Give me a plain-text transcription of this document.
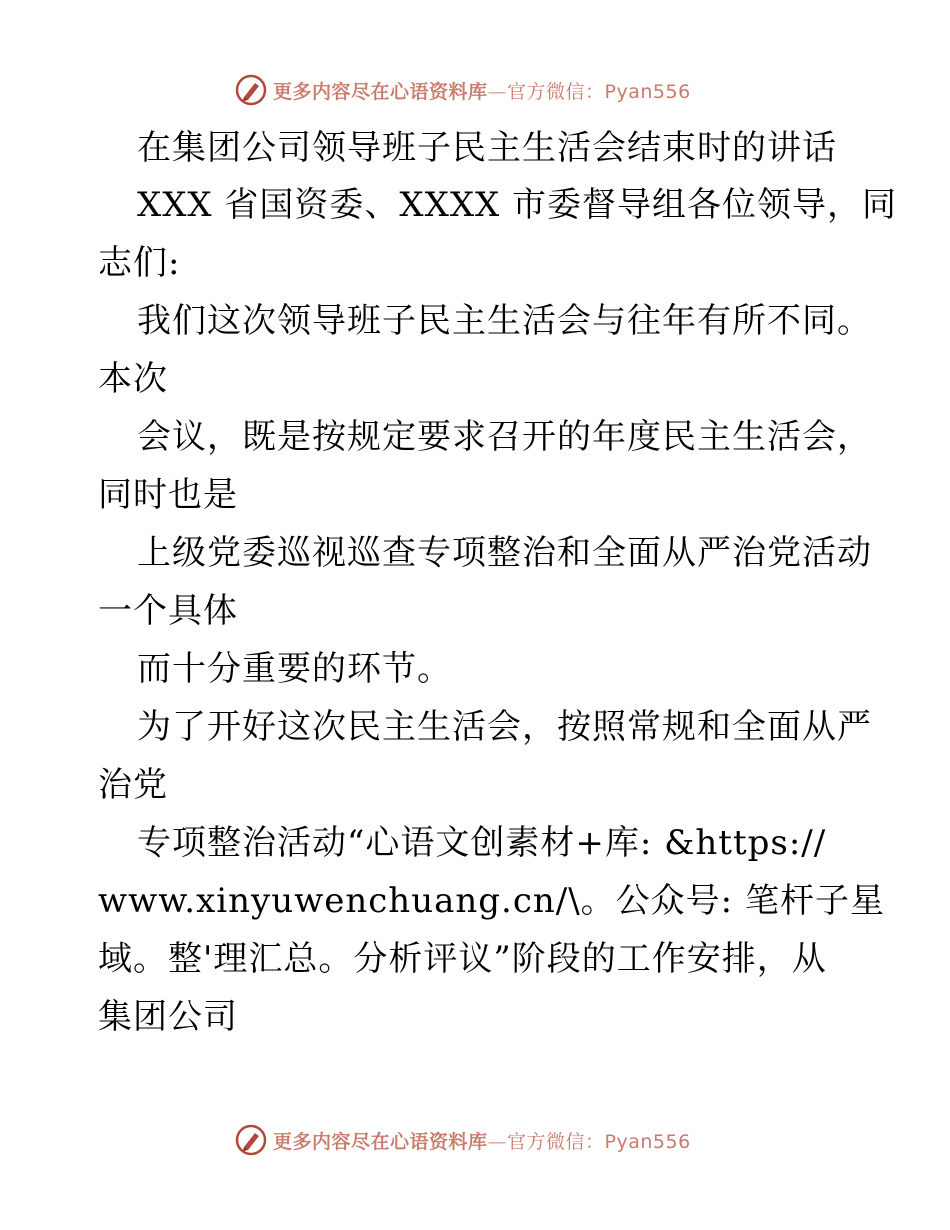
更多内容尽在心语资料库—官方微信：Pyan556
在集团公司领导班子民主生活会结束时的讲话
XXX 省国资委、XXXX 市委督导组各位领导，同
志们:
我们这次领导班子民主生活会与往年有所不同。
本次
会议，既是按规定要求召开的年度民主生活会，
同时也是
上级党委巡视巡查专项整治和全面从严治党活动
一个具体
而十分重要的环节。
为了开好这次民主生活会，按照常规和全面从严
治党
专项整治活动“心语文创素材+库: &https://
www.xinyuwenchuang.cn/\。公众号: 笔杆子星
域。整'理汇总。分析评议”阶段的工作安排，从
集团公司
更多内容尽在心语资料库—官方微信：Pyan556
